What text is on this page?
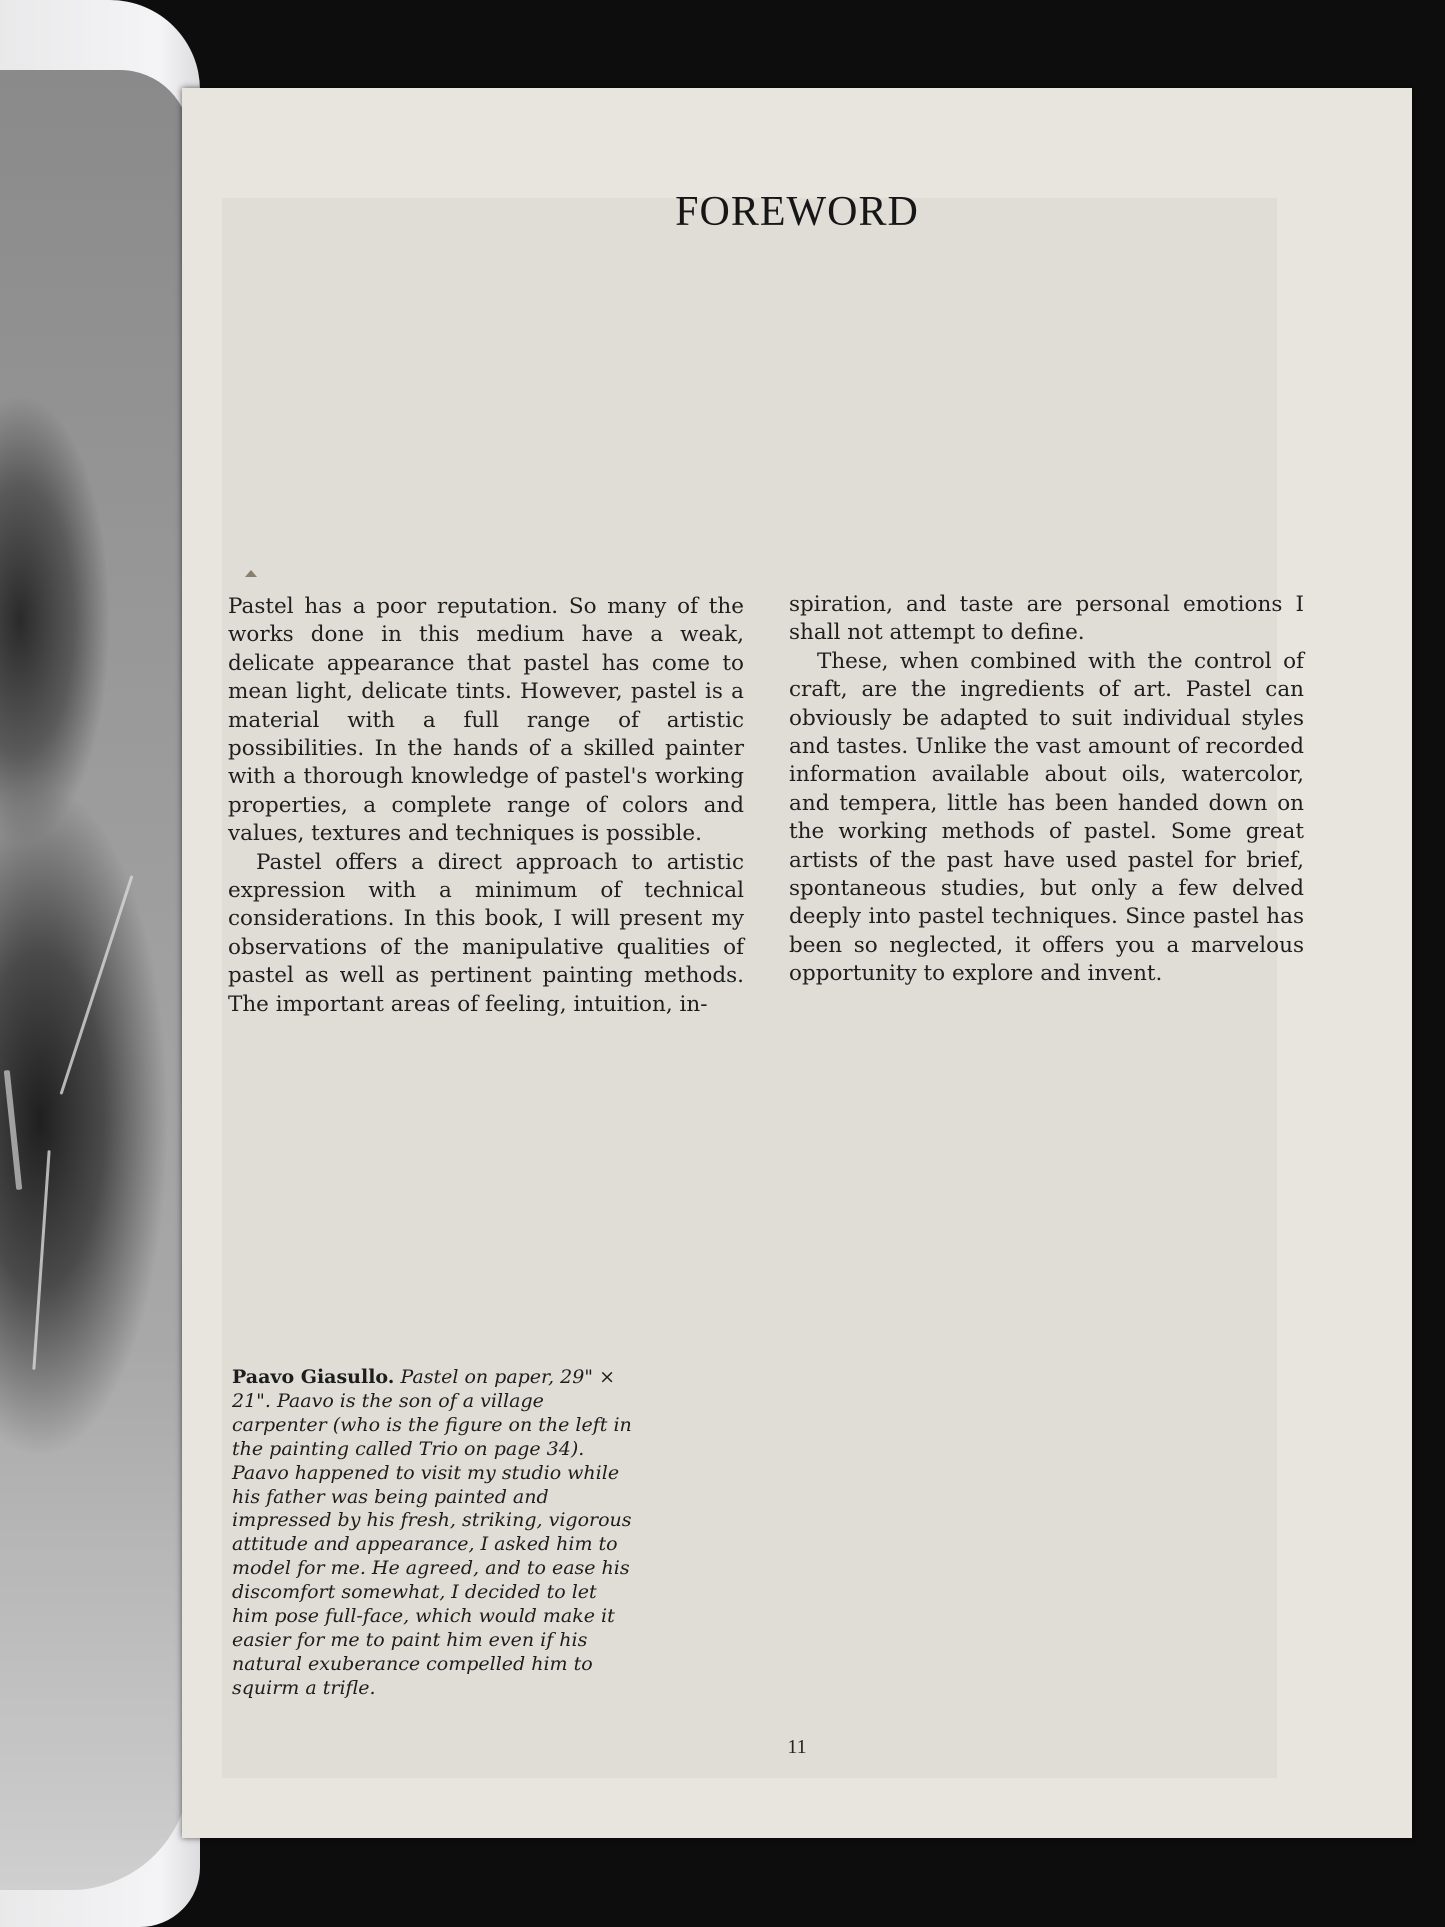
FOREWORD

Pastel has a poor reputation. So many of the works done in this medium have a weak, delicate appearance that pastel has come to mean light, delicate tints. However, pastel is a material with a full range of artistic possibilities. In the hands of a skilled painter with a thorough knowledge of pastel's working properties, a complete range of colors and values, textures and techniques is possible.

Pastel offers a direct approach to artistic expression with a minimum of technical considerations. In this book, I will present my observations of the manipulative qualities of pastel as well as pertinent painting methods. The important areas of feeling, intuition, in-

spiration, and taste are personal emotions I shall not attempt to define.

These, when combined with the control of craft, are the ingredients of art. Pastel can obviously be adapted to suit individual styles and tastes. Unlike the vast amount of recorded information available about oils, watercolor, and tempera, little has been handed down on the working methods of pastel. Some great artists of the past have used pastel for brief, spontaneous studies, but only a few delved deeply into pastel techniques. Since pastel has been so neglected, it offers you a marvelous opportunity to explore and invent.

Paavo Giasullo. Pastel on paper, 29" × 21". Paavo is the son of a village carpenter (who is the figure on the left in the painting called Trio on page 34). Paavo happened to visit my studio while his father was being painted and impressed by his fresh, striking, vigorous attitude and appearance, I asked him to model for me. He agreed, and to ease his discomfort somewhat, I decided to let him pose full-face, which would make it easier for me to paint him even if his natural exuberance compelled him to squirm a trifle.
11
